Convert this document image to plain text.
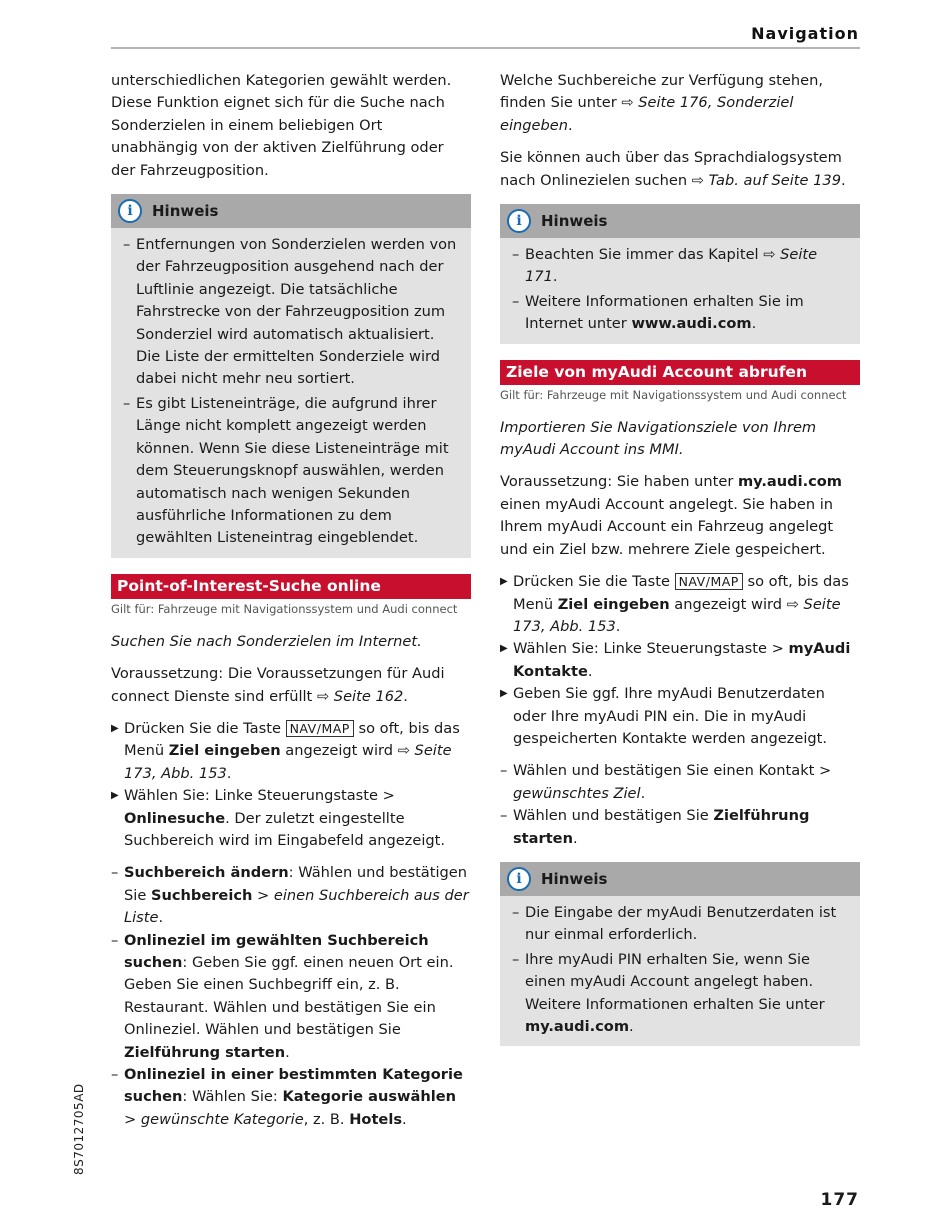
Navigation

unterschiedlichen Kategorien gewählt werden. Diese Funktion eignet sich für die Suche nach Sonderzielen in einem beliebigen Ort unabhängig von der aktiven Zielführung oder der Fahrzeugposition.

i	Hinweis
– Entfernungen von Sonderzielen werden von der Fahrzeugposition ausgehend nach der Luftlinie angezeigt. Die tatsächliche Fahrstrecke von der Fahrzeugposition zum Sonderziel wird automatisch aktualisiert. Die Liste der ermittelten Sonderziele wird dabei nicht mehr neu sortiert.
– Es gibt Listeneinträge, die aufgrund ihrer Länge nicht komplett angezeigt werden können. Wenn Sie diese Listeneinträge mit dem Steuerungsknopf auswählen, werden automatisch nach wenigen Sekunden ausführliche Informationen zu dem gewählten Listeneintrag eingeblendet.
Point-of-Interest-Suche online
Gilt für: Fahrzeuge mit Navigationssystem und Audi connect

Suchen Sie nach Sonderzielen im Internet.

Voraussetzung: Die Voraussetzungen für Audi connect Dienste sind erfüllt ⇨ Seite 162.

▶ Drücken Sie die Taste NAV/MAP so oft, bis das Menü Ziel eingeben angezeigt wird ⇨ Seite 173, Abb. 153.
▶ Wählen Sie: Linke Steuerungstaste > Onlinesuche. Der zuletzt eingestellte Suchbereich wird im Eingabefeld angezeigt.
– Suchbereich ändern: Wählen und bestätigen Sie Suchbereich > einen Suchbereich aus der Liste.
– Onlineziel im gewählten Suchbereich suchen: Geben Sie ggf. einen neuen Ort ein. Geben Sie einen Suchbegriff ein, z. B. Restaurant. Wählen und bestätigen Sie ein Onlineziel. Wählen und bestätigen Sie Zielführung starten.
– Onlineziel in einer bestimmten Kategorie suchen: Wählen Sie: Kategorie auswählen > gewünschte Kategorie, z. B. Hotels.

Welche Suchbereiche zur Verfügung stehen, finden Sie unter ⇨ Seite 176, Sonderziel eingeben.

Sie können auch über das Sprachdialogsystem nach Onlinezielen suchen ⇨ Tab. auf Seite 139.

i	Hinweis
– Beachten Sie immer das Kapitel ⇨ Seite 171.
– Weitere Informationen erhalten Sie im Internet unter www.audi.com.
Ziele von myAudi Account abrufen
Gilt für: Fahrzeuge mit Navigationssystem und Audi connect

Importieren Sie Navigationsziele von Ihrem myAudi Account ins MMI.

Voraussetzung: Sie haben unter my.audi.com einen myAudi Account angelegt. Sie haben in Ihrem myAudi Account ein Fahrzeug angelegt und ein Ziel bzw. mehrere Ziele gespeichert.

▶ Drücken Sie die Taste NAV/MAP so oft, bis das Menü Ziel eingeben angezeigt wird ⇨ Seite 173, Abb. 153.
▶ Wählen Sie: Linke Steuerungstaste > myAudi Kontakte.
▶ Geben Sie ggf. Ihre myAudi Benutzerdaten oder Ihre myAudi PIN ein. Die in myAudi gespeicherten Kontakte werden angezeigt.
– Wählen und bestätigen Sie einen Kontakt > gewünschtes Ziel.
– Wählen und bestätigen Sie Zielführung starten.
i	Hinweis
– Die Eingabe der myAudi Benutzerdaten ist nur einmal erforderlich.
– Ihre myAudi PIN erhalten Sie, wenn Sie einen myAudi Account angelegt haben. Weitere Informationen erhalten Sie unter my.audi.com.
8S7012705AD
177
